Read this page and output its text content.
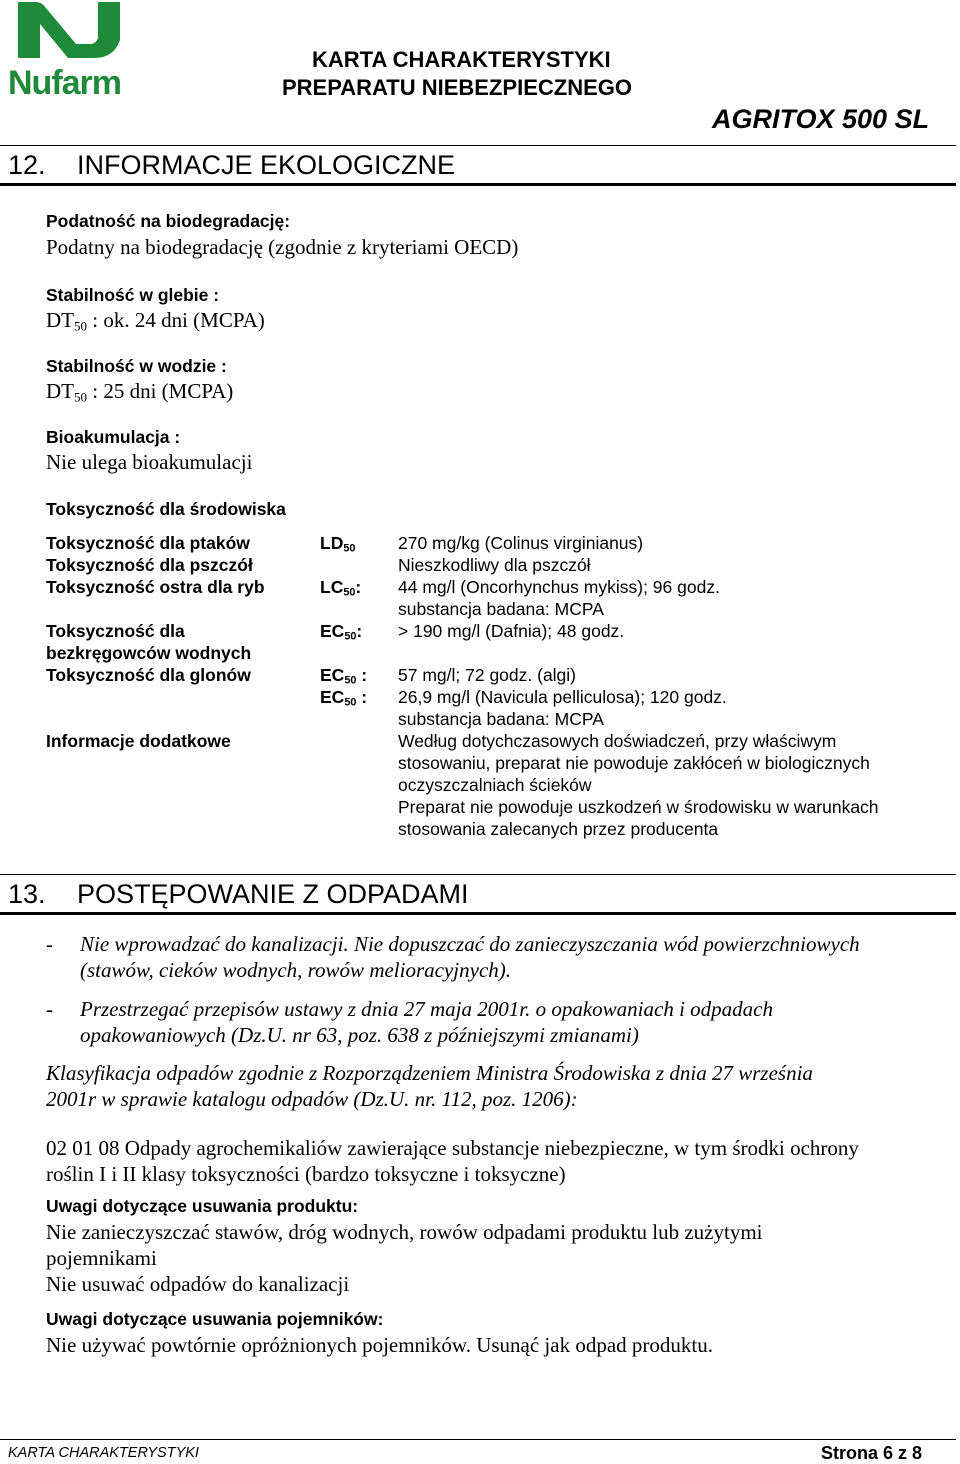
Nufarm
KARTA CHARAKTERYSTYKI
PREPARATU NIEBEZPIECZNEGO
AGRITOX 500 SL
12. INFORMACJE EKOLOGICZNE
Podatność na biodegradację:
Podatny na biodegradację (zgodnie z kryteriami OECD)
Stabilność w glebie :
$DT_{50}$ : ok. 24 dni (MCPA)
Stabilność w wodzie :
$DT_{50}$ : 25 dni (MCPA)
Bioakumulacja :
Nie ulega bioakumulacji
Toksyczność dla środowiska
Toksyczność dla ptaków	$LD_{50}$ 270 mg/kg (Colinus virginianus)
Toksyczność dla pszczół	Nieszkodliwy dla pszczół
Toksyczność ostra dla ryb	$LC_{50}$: 44 mg/l (Oncorhynchus mykiss); 96 godz.
substancja badana: MCPA
Toksyczność dla
bezkręgowców wodnych
$EC_{50}$: > 190 mg/l (Dafnia); 48 godz.
Toksyczność dla glonów	$EC_{50}$ : 57 mg/l; 72 godz. (algi)
$EC_{50}$ : 26,9 mg/l (Navicula pelliculosa); 120 godz.
substancja badana: MCPA
Informacje dodatkowe	Według dotychczasowych doświadczeń, przy właściwym
stosowaniu, preparat nie powoduje zakłóceń w biologicznych
oczyszczalniach ścieków
Preparat nie powoduje uszkodzeń w środowisku w warunkach
stosowania zalecanych przez producenta
13. POSTĘPOWANIE Z ODPADAMI
- Nie wprowadzać do kanalizacji. Nie dopuszczać do zanieczyszczania wód powierzchniowych
(stawów, cieków wodnych, rowów melioracyjnych).
- Przestrzegać przepisów ustawy z dnia 27 maja 2001r. o opakowaniach i odpadach
opakowaniowych (Dz.U. nr 63, poz. 638 z późniejszymi zmianami)
Klasyfikacja odpadów zgodnie z Rozporządzeniem Ministra Środowiska z dnia 27 września
2001r w sprawie katalogu odpadów (Dz.U. nr. 112, poz. 1206):
02 01 08 Odpady agrochemikaliów zawierające substancje niebezpieczne, w tym środki ochrony
roślin I i II klasy toksyczności (bardzo toksyczne i toksyczne)
Uwagi dotyczące usuwania produktu:
Nie zanieczyszczać stawów, dróg wodnych, rowów odpadami produktu lub zużytymi
pojemnikami
Nie usuwać odpadów do kanalizacji
Uwagi dotyczące usuwania pojemników:
Nie używać powtórnie opróżnionych pojemników. Usunąć jak odpad produktu.
KARTA CHARAKTERYSTYKI	Strona 6 z 8
